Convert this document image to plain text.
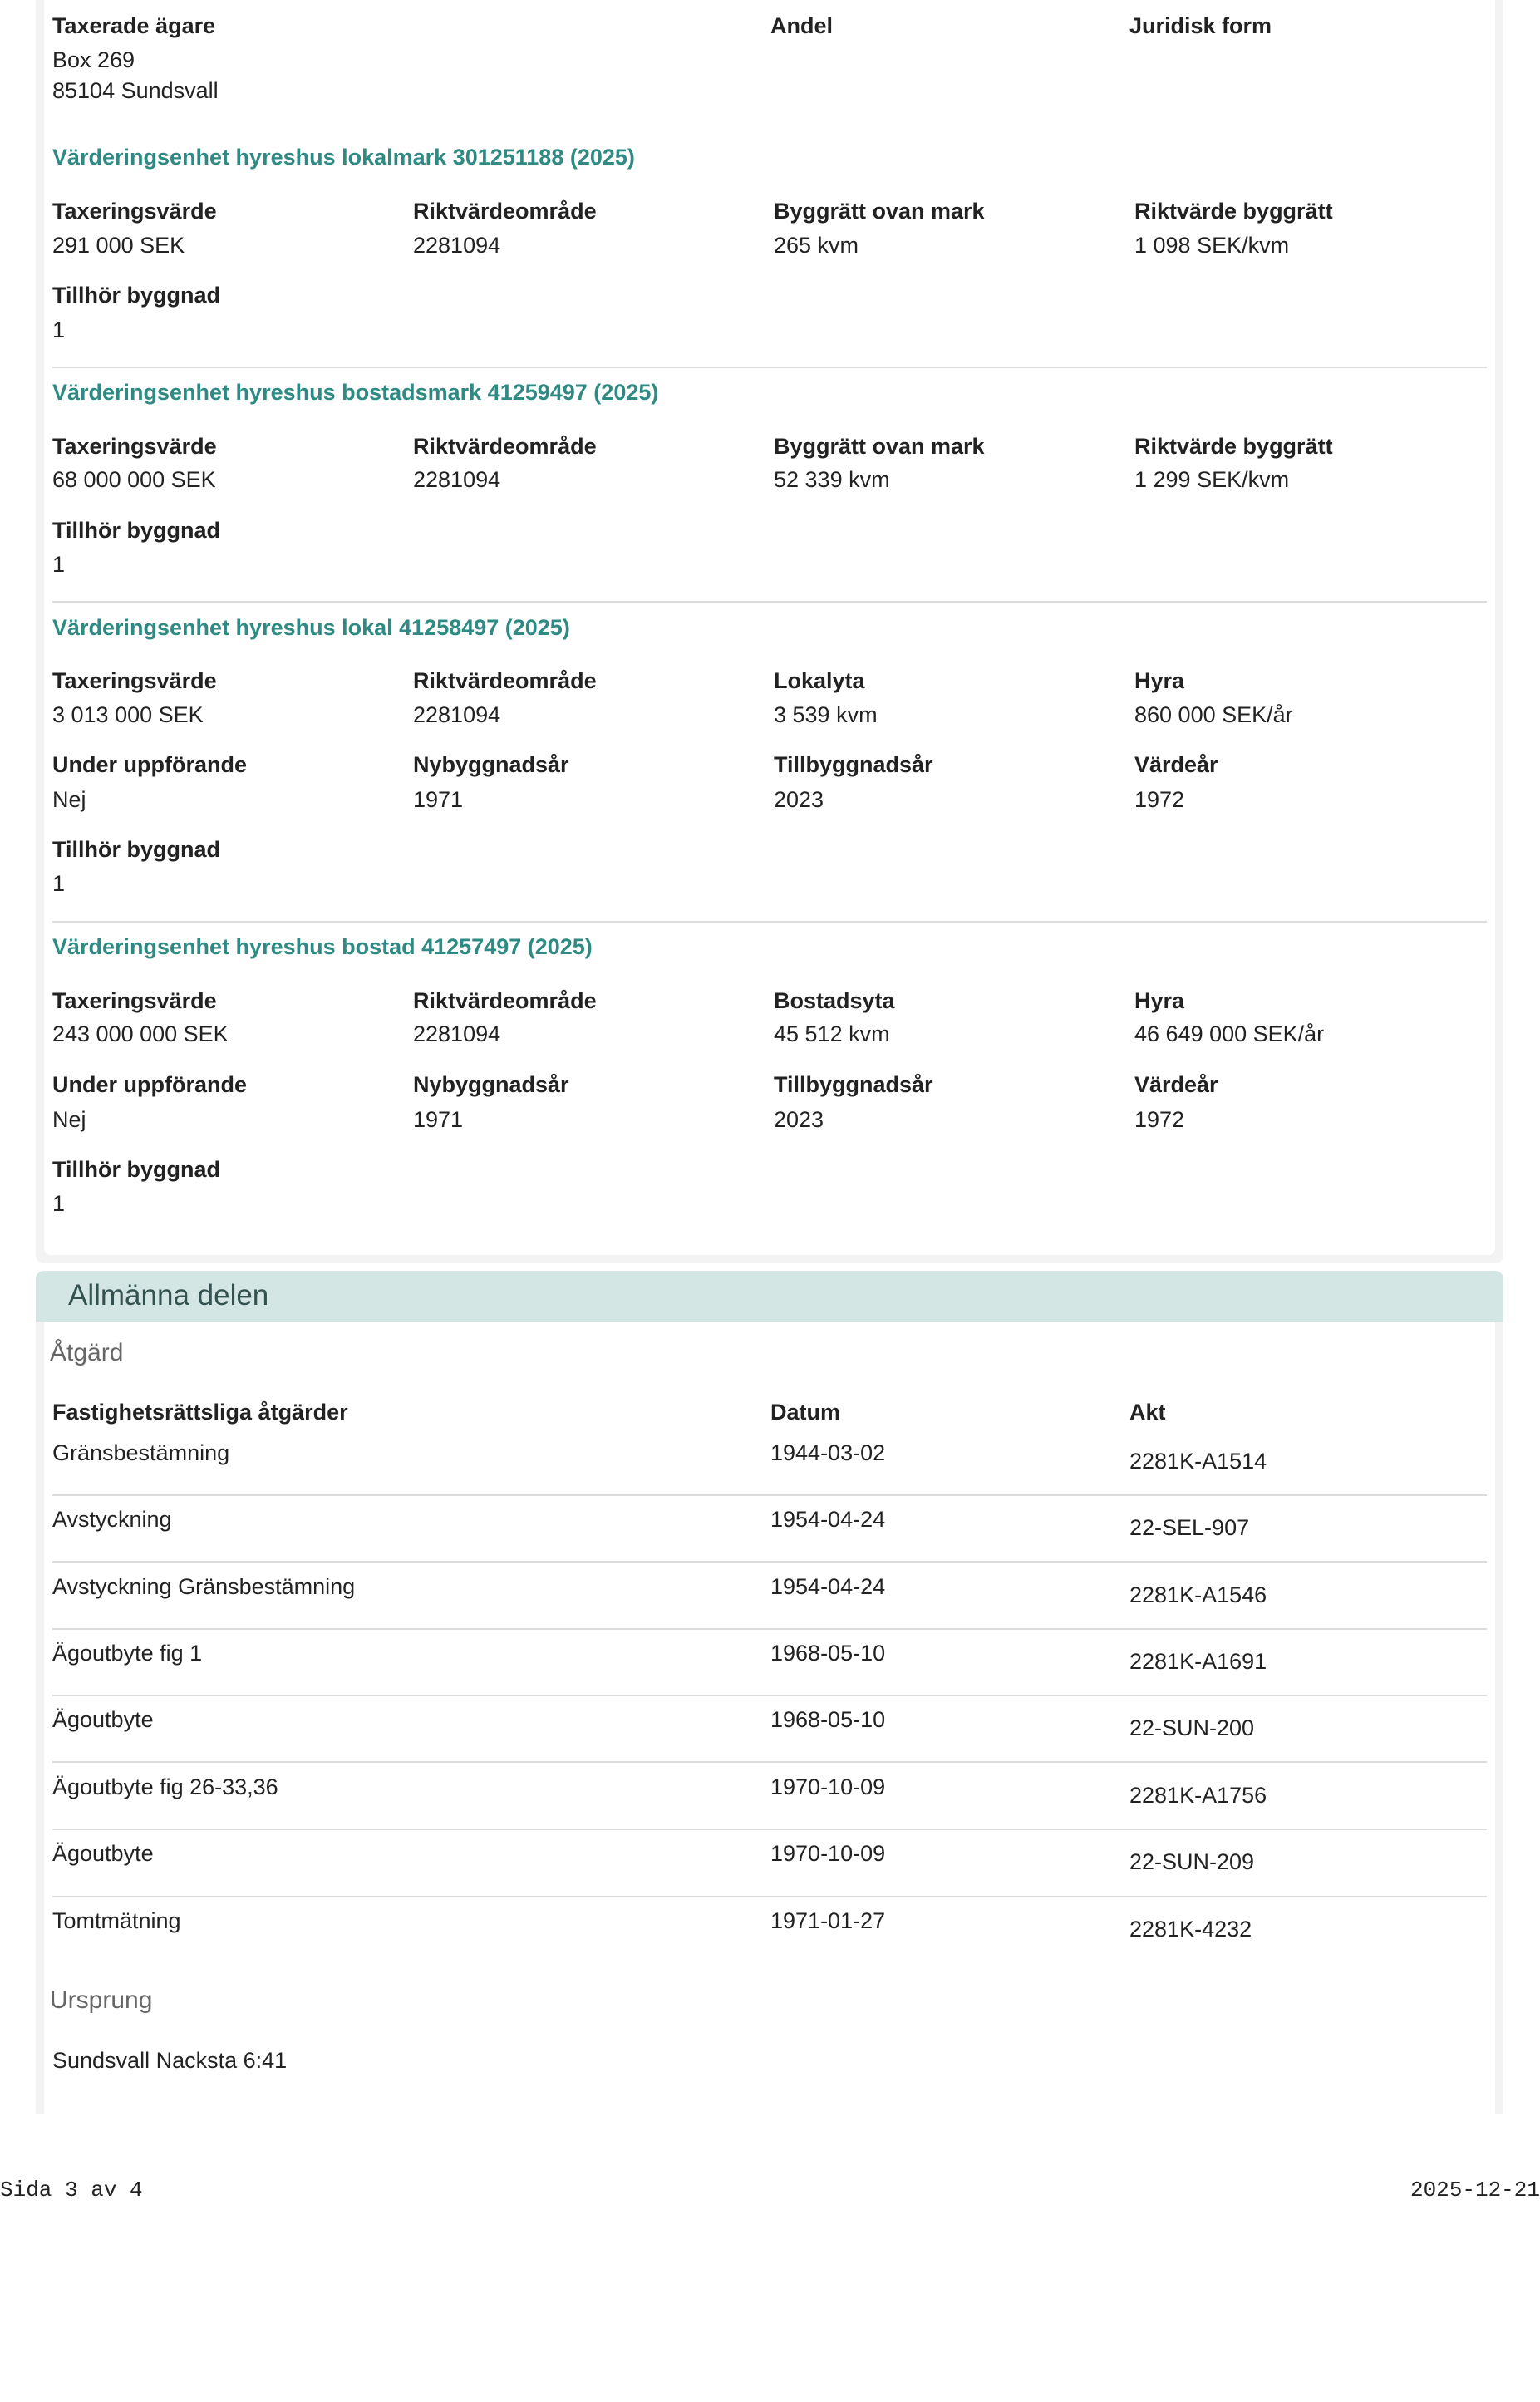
Taxerade ägare	Andel	Juridisk form
Box 269
85104 Sundsvall
Värderingsenhet hyreshus lokalmark 301251188 (2025)
Taxeringsvärde	Riktvärdeområde	Byggrätt ovan mark	Riktvärde byggrätt
291 000 SEK	2281094	265 kvm	1 098 SEK/kvm
Tillhör byggnad
1
Värderingsenhet hyreshus bostadsmark 41259497 (2025)
Taxeringsvärde	Riktvärdeområde	Byggrätt ovan mark	Riktvärde byggrätt
68 000 000 SEK	2281094	52 339 kvm	1 299 SEK/kvm
Tillhör byggnad
1
Värderingsenhet hyreshus lokal 41258497 (2025)
Taxeringsvärde	Riktvärdeområde	Lokalyta	Hyra
3 013 000 SEK	2281094	3 539 kvm	860 000 SEK/år
Under uppförande	Nybyggnadsår	Tillbyggnadsår	Värdeår
Nej	1971	2023	1972
Tillhör byggnad
1
Värderingsenhet hyreshus bostad 41257497 (2025)
Taxeringsvärde	Riktvärdeområde	Bostadsyta	Hyra
243 000 000 SEK	2281094	45 512 kvm	46 649 000 SEK/år
Under uppförande	Nybyggnadsår	Tillbyggnadsår	Värdeår
Nej	1971	2023	1972
Tillhör byggnad
1
Allmänna delen
Åtgärd
Fastighetsrättsliga åtgärder	Datum	Akt
Gränsbestämning	1944-03-02	2281K-A1514
Avstyckning	1954-04-24	22-SEL-907
Avstyckning Gränsbestämning	1954-04-24	2281K-A1546
Ägoutbyte fig 1	1968-05-10	2281K-A1691
Ägoutbyte	1968-05-10	22-SUN-200
Ägoutbyte fig 26-33,36	1970-10-09	2281K-A1756
Ägoutbyte	1970-10-09	22-SUN-209
Tomtmätning	1971-01-27	2281K-4232
Ursprung
Sundsvall Nacksta 6:41
Sida 3 av 4	2025-12-21
